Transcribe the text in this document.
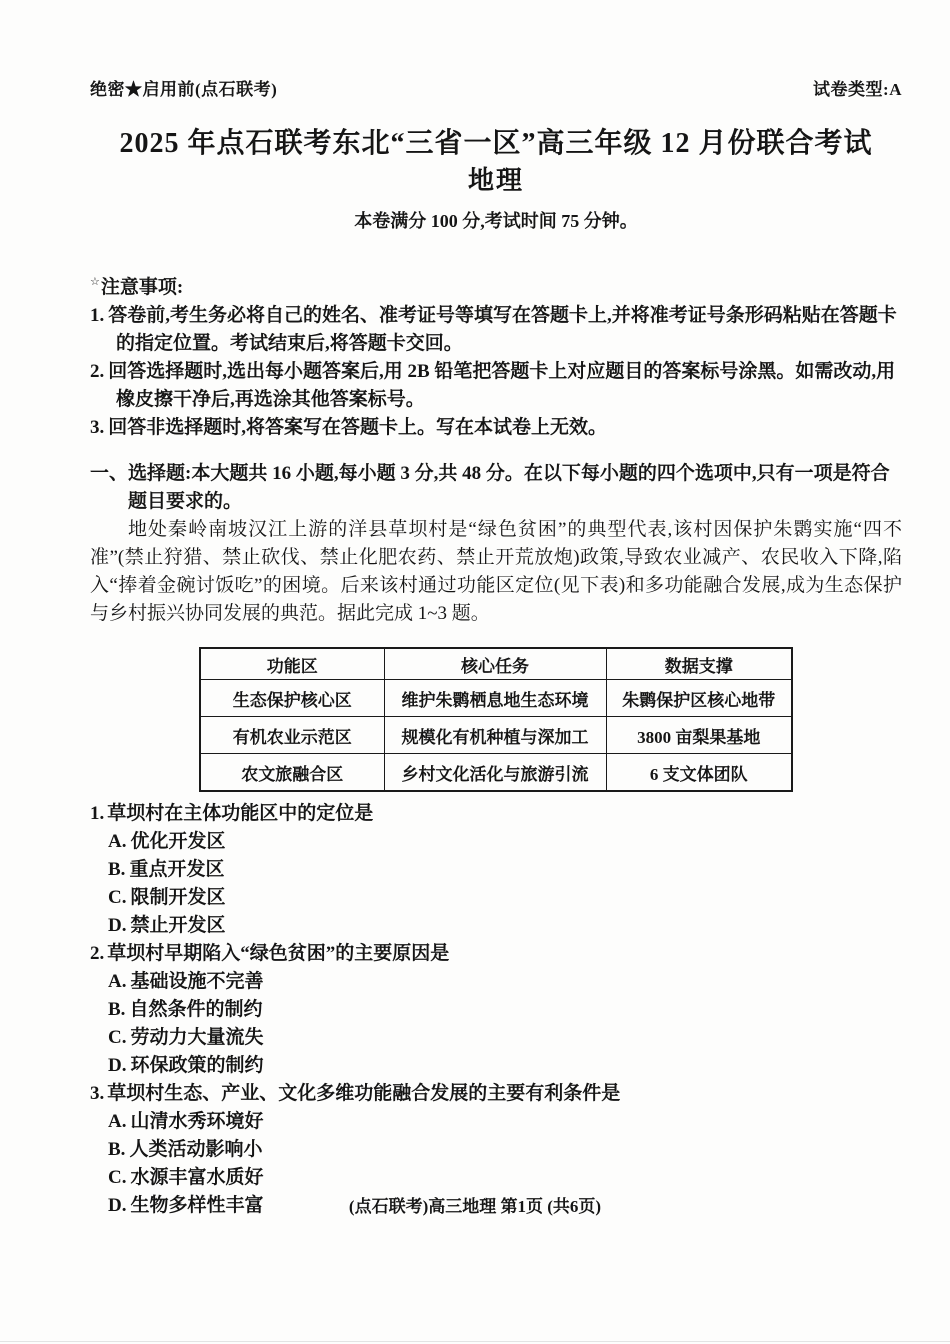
绝密★启用前(点石联考)	试卷类型:A
2025 年点石联考东北“三省一区”高三年级 12 月份联合考试
地理
本卷满分 100 分,考试时间 75 分钟。
☆注意事项:
1. 答卷前,考生务必将自己的姓名、准考证号等填写在答题卡上,并将准考证号条形码粘贴在答题卡的指定位置。考试结束后,将答题卡交回。
2. 回答选择题时,选出每小题答案后,用 2B 铅笔把答题卡上对应题目的答案标号涂黑。如需改动,用橡皮擦干净后,再选涂其他答案标号。
3. 回答非选择题时,将答案写在答题卡上。写在本试卷上无效。
一、选择题:本大题共 16 小题,每小题 3 分,共 48 分。在以下每小题的四个选项中,只有一项是符合题目要求的。

地处秦岭南坡汉江上游的洋县草坝村是“绿色贫困”的典型代表,该村因保护朱鹮实施“四不准”(禁止狩猎、禁止砍伐、禁止化肥农药、禁止开荒放炮)政策,导致农业减产、农民收入下降,陷入“捧着金碗讨饭吃”的困境。后来该村通过功能区定位(见下表)和多功能融合发展,成为生态保护与乡村振兴协同发展的典范。据此完成 1~3 题。

功能区	核心任务	数据支撑
生态保护核心区	维护朱鹮栖息地生态环境	朱鹮保护区核心地带
有机农业示范区	规模化有机种植与深加工	3800 亩梨果基地
农文旅融合区	乡村文化活化与旅游引流	6 支文体团队
1. 草坝村在主体功能区中的定位是
A. 优化开发区
B. 重点开发区
C. 限制开发区
D. 禁止开发区
2. 草坝村早期陷入“绿色贫困”的主要原因是
A. 基础设施不完善
B. 自然条件的制约
C. 劳动力大量流失
D. 环保政策的制约
3. 草坝村生态、产业、文化多维功能融合发展的主要有利条件是
A. 山清水秀环境好
B. 人类活动影响小
C. 水源丰富水质好
D. 生物多样性丰富	(点石联考)高三地理 第1页 (共6页)
